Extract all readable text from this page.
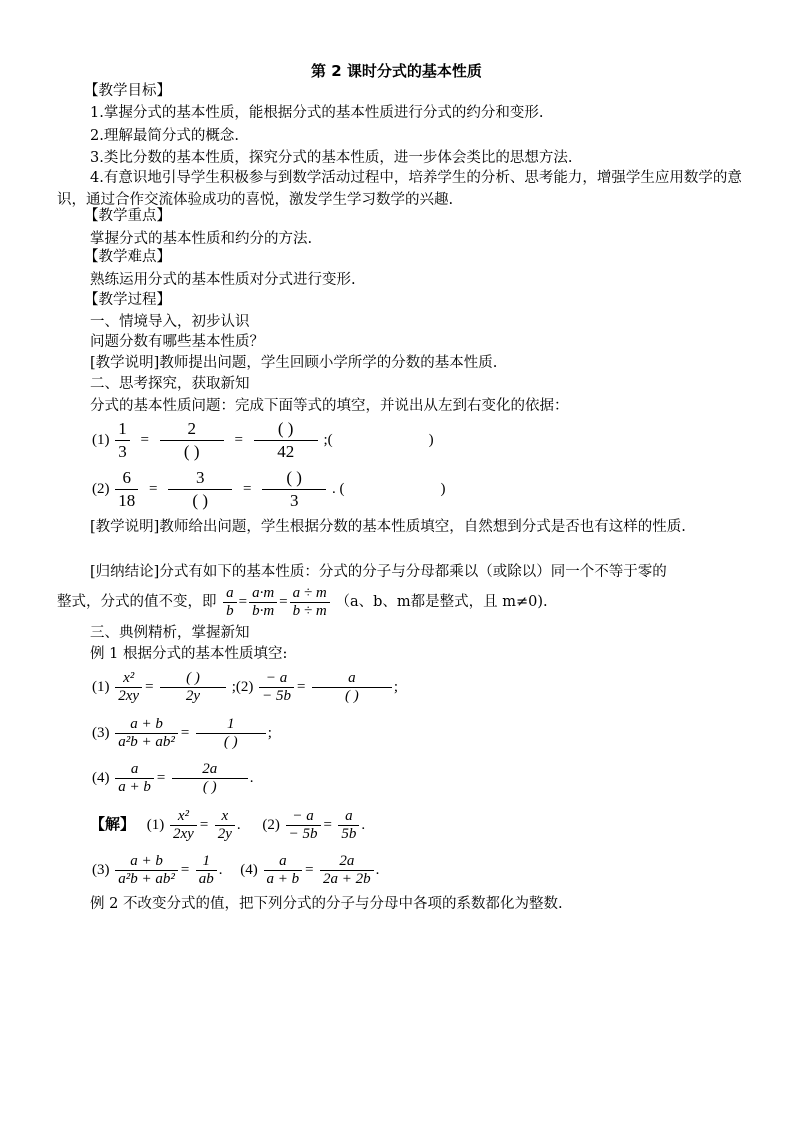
第 2 课时分式的基本性质
【教学目标】
1.掌握分式的基本性质，能根据分式的基本性质进行分式的约分和变形.
2.理解最简分式的概念.
3.类比分数的基本性质，探究分式的基本性质，进一步体会类比的思想方法.
4.有意识地引导学生积极参与到数学活动过程中，培养学生的分析、思考能力，增强学生应用数学的意识，通过合作交流体验成功的喜悦，激发学生学习数学的兴趣.
【教学重点】
掌握分式的基本性质和约分的方法.
【教学难点】
熟练运用分式的基本性质对分式进行变形.
【教学过程】
一、情境导入，初步认识
问题分数有哪些基本性质？
[教学说明]教师提出问题，学生回顾小学所学的分数的基本性质.
二、思考探究，获取新知
分式的基本性质问题：完成下面等式的填空，并说出从左到右变化的依据：
$(1) \frac{1}{3} = \frac{2}{( )} = \frac{( )}{42}$ ;(	)
$(2) \frac{6}{18} = \frac{3}{( )} = \frac{( )}{3}$ . (	)
[教学说明]教师给出问题，学生根据分数的基本性质填空，自然想到分式是否也有这样的性质.
[归纳结论]分式有如下的基本性质：分式的分子与分母都乘以（或除以）同一个不等于零的
整式，分式的值不变，即 $\frac{a}{b} = \frac{a\cdot m}{b\cdot m} = \frac{a \div m}{b \div m} (a$、b、m都是整式，且 m≠0).
三、典例精析，掌握新知
例 1 根据分式的基本性质填空:
$(1) \frac{\text{x²}}{2xy} = \frac{( )}{2y}$ ;(2) $\frac{- a}{- 5b} = \frac{a}{( )}$ ;
$(3) \frac{a + b}{\text{a²b + ab²}} = \frac{1}{( )}$ ;
$(4) \frac{a}{a + b} = \frac{2a}{( )}$ .
【解】 $(1) \frac{\text{x²}}{2xy} = \frac{x}{2y}$ . $(2) \frac{- a}{- 5b} = \frac{a}{5b}$ .
$(3) \frac{a + b}{\text{a²b + ab²}} = \frac{1}{ab}$ . $(4) \frac{a}{a + b} = \frac{2a}{2a + 2b}$ .
例 2 不改变分式的值，把下列分式的分子与分母中各项的系数都化为整数.
